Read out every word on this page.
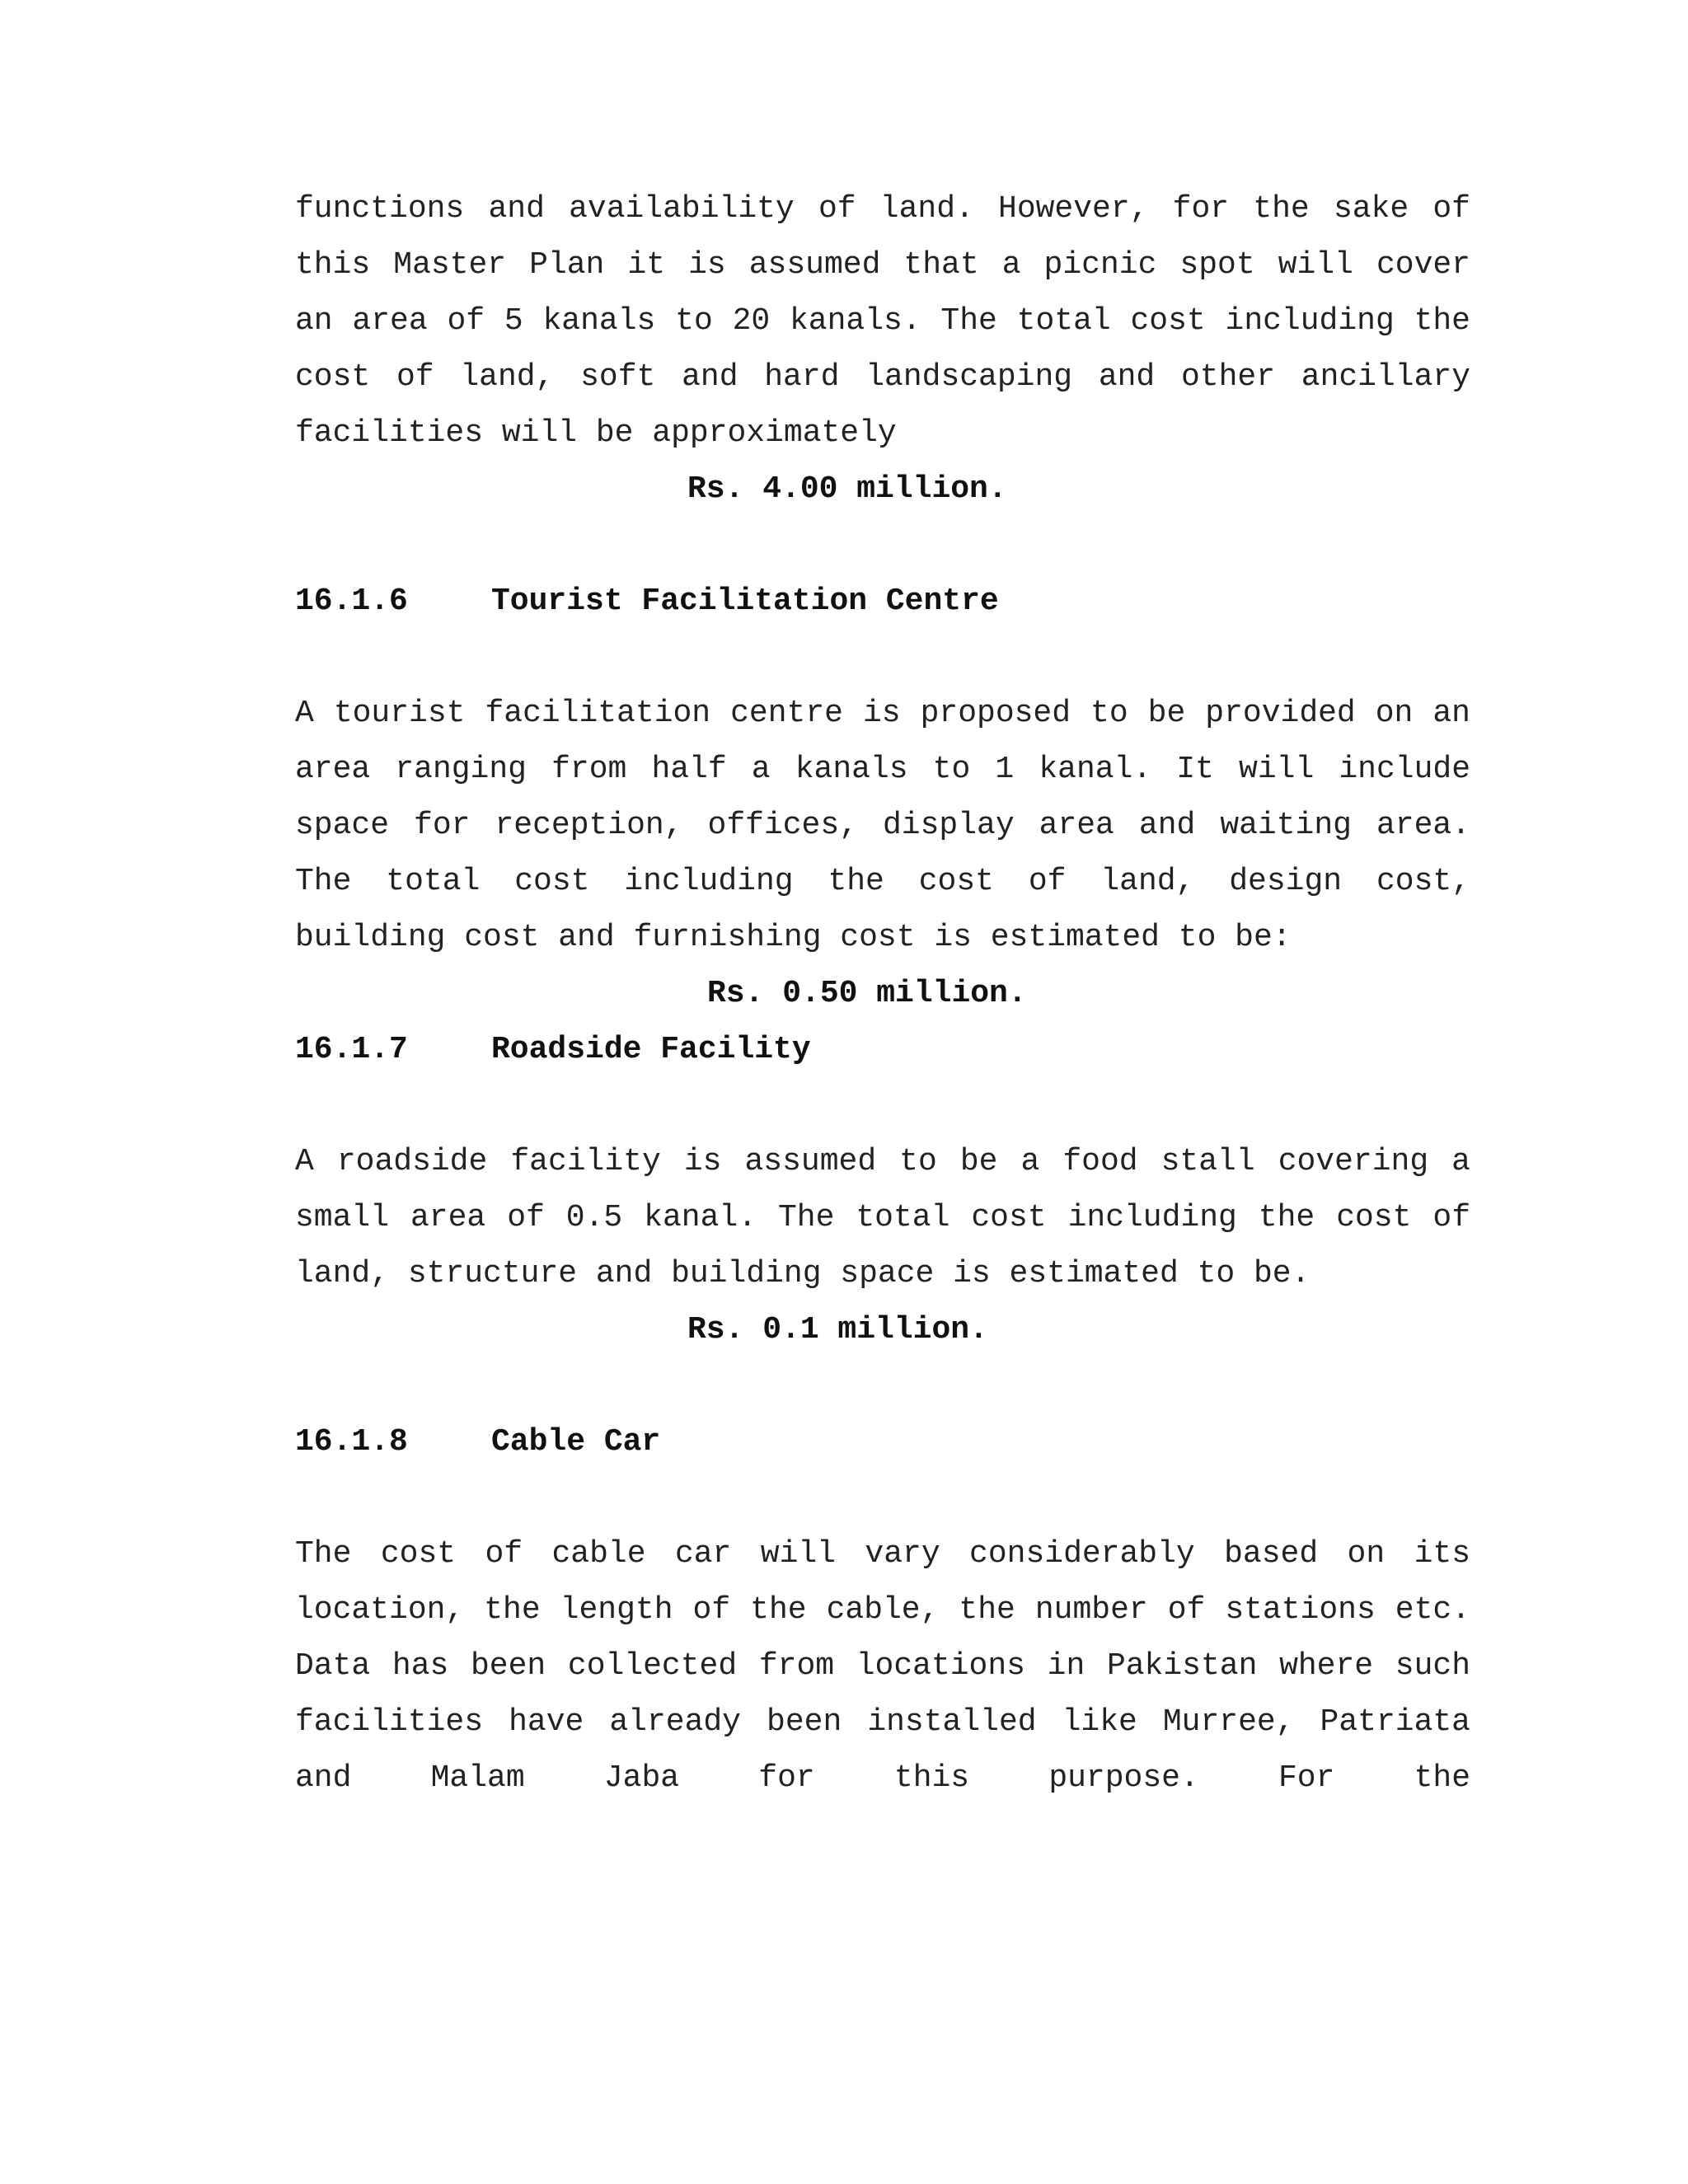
functions and availability of land. However, for the sake of this Master Plan it is assumed that a picnic spot will cover an area of 5 kanals to 20 kanals. The total cost including the cost of land, soft and hard landscaping and other ancillary facilities will be approximately

Rs. 4.00 million.

16.1.6	Tourist Facilitation Centre

A tourist facilitation centre is proposed to be provided on an area ranging from half a kanals to 1 kanal. It will include space for reception, offices, display area and waiting area. The total cost including the cost of land, design cost, building cost and furnishing cost is estimated to be:

Rs. 0.50 million.

16.1.7	Roadside Facility

A roadside facility is assumed to be a food stall covering a small area of 0.5 kanal. The total cost including the cost of land, structure and building space is estimated to be.

Rs. 0.1 million.

16.1.8	Cable Car

The cost of cable car will vary considerably based on its location, the length of the cable, the number of stations etc. Data has been collected from locations in Pakistan where such facilities have already been installed like Murree, Patriata and Malam Jaba for this purpose. For the
